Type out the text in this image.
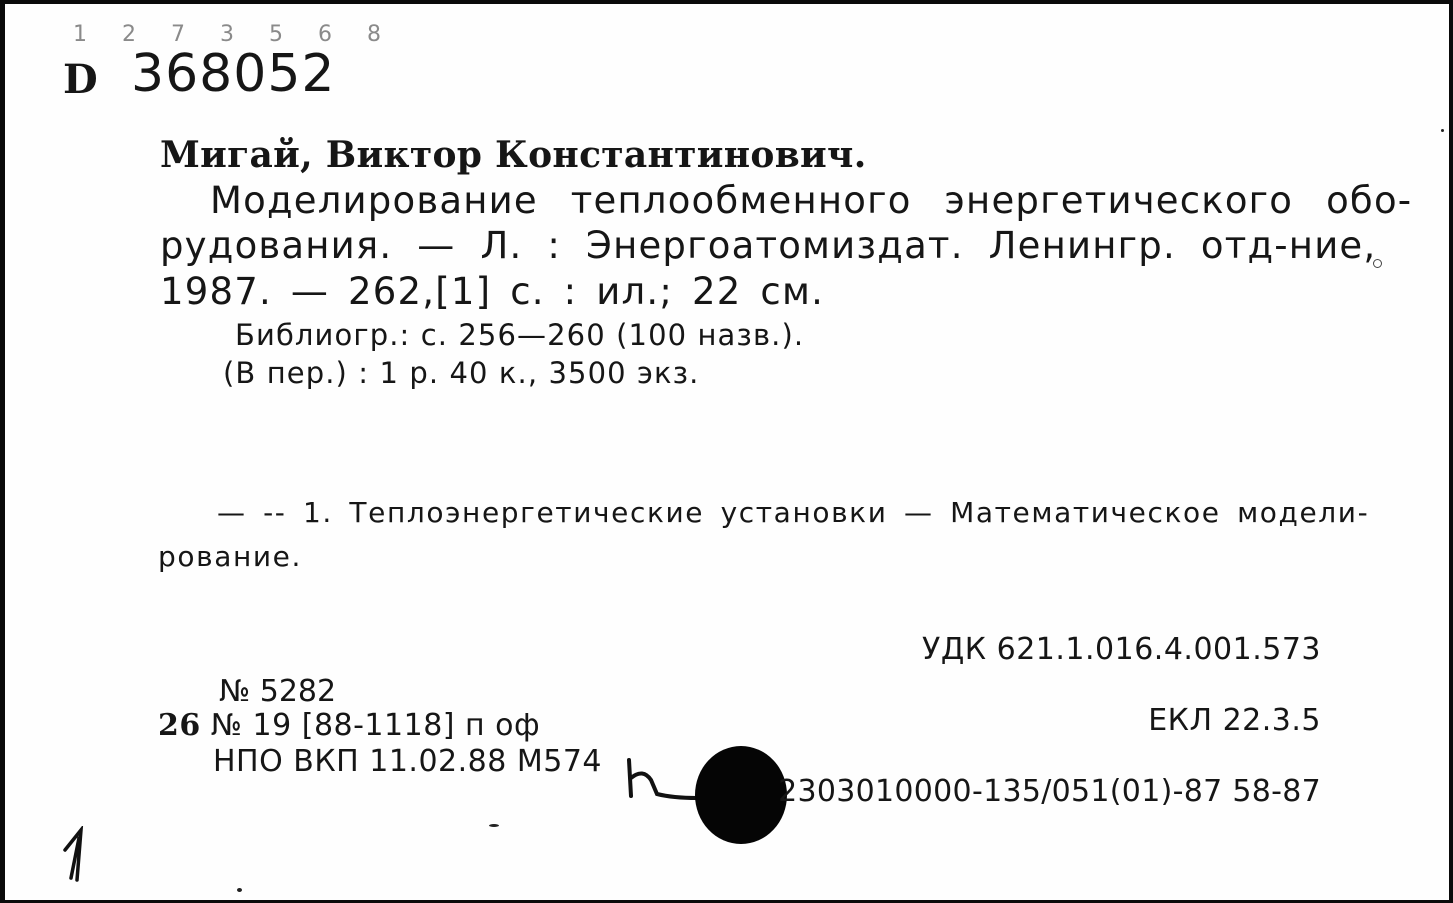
1 2 7 3 5 6 8
D 368052
Мигай, Виктор Константинович.
Моделирование теплообменного энергетического обо-
рудования. — Л. : Энергоатомиздат. Ленингр. отд-ние,
1987. — 262,[1] с. : ил.; 22 см.
Библиогр.: с. 256—260 (100 назв.).
(В пер.) : 1 р. 40 к., 3500 экз.
— -- 1. Теплоэнергетические установки — Математическое модели-
рование.
УДК 621.1.016.4.001.573
ЕКЛ 22.3.5
№ 5282
26 № 19 [88-1118] п оф
НПО ВКП 11.02.88 М574
2303010000-135/051(01)-87 58-87
